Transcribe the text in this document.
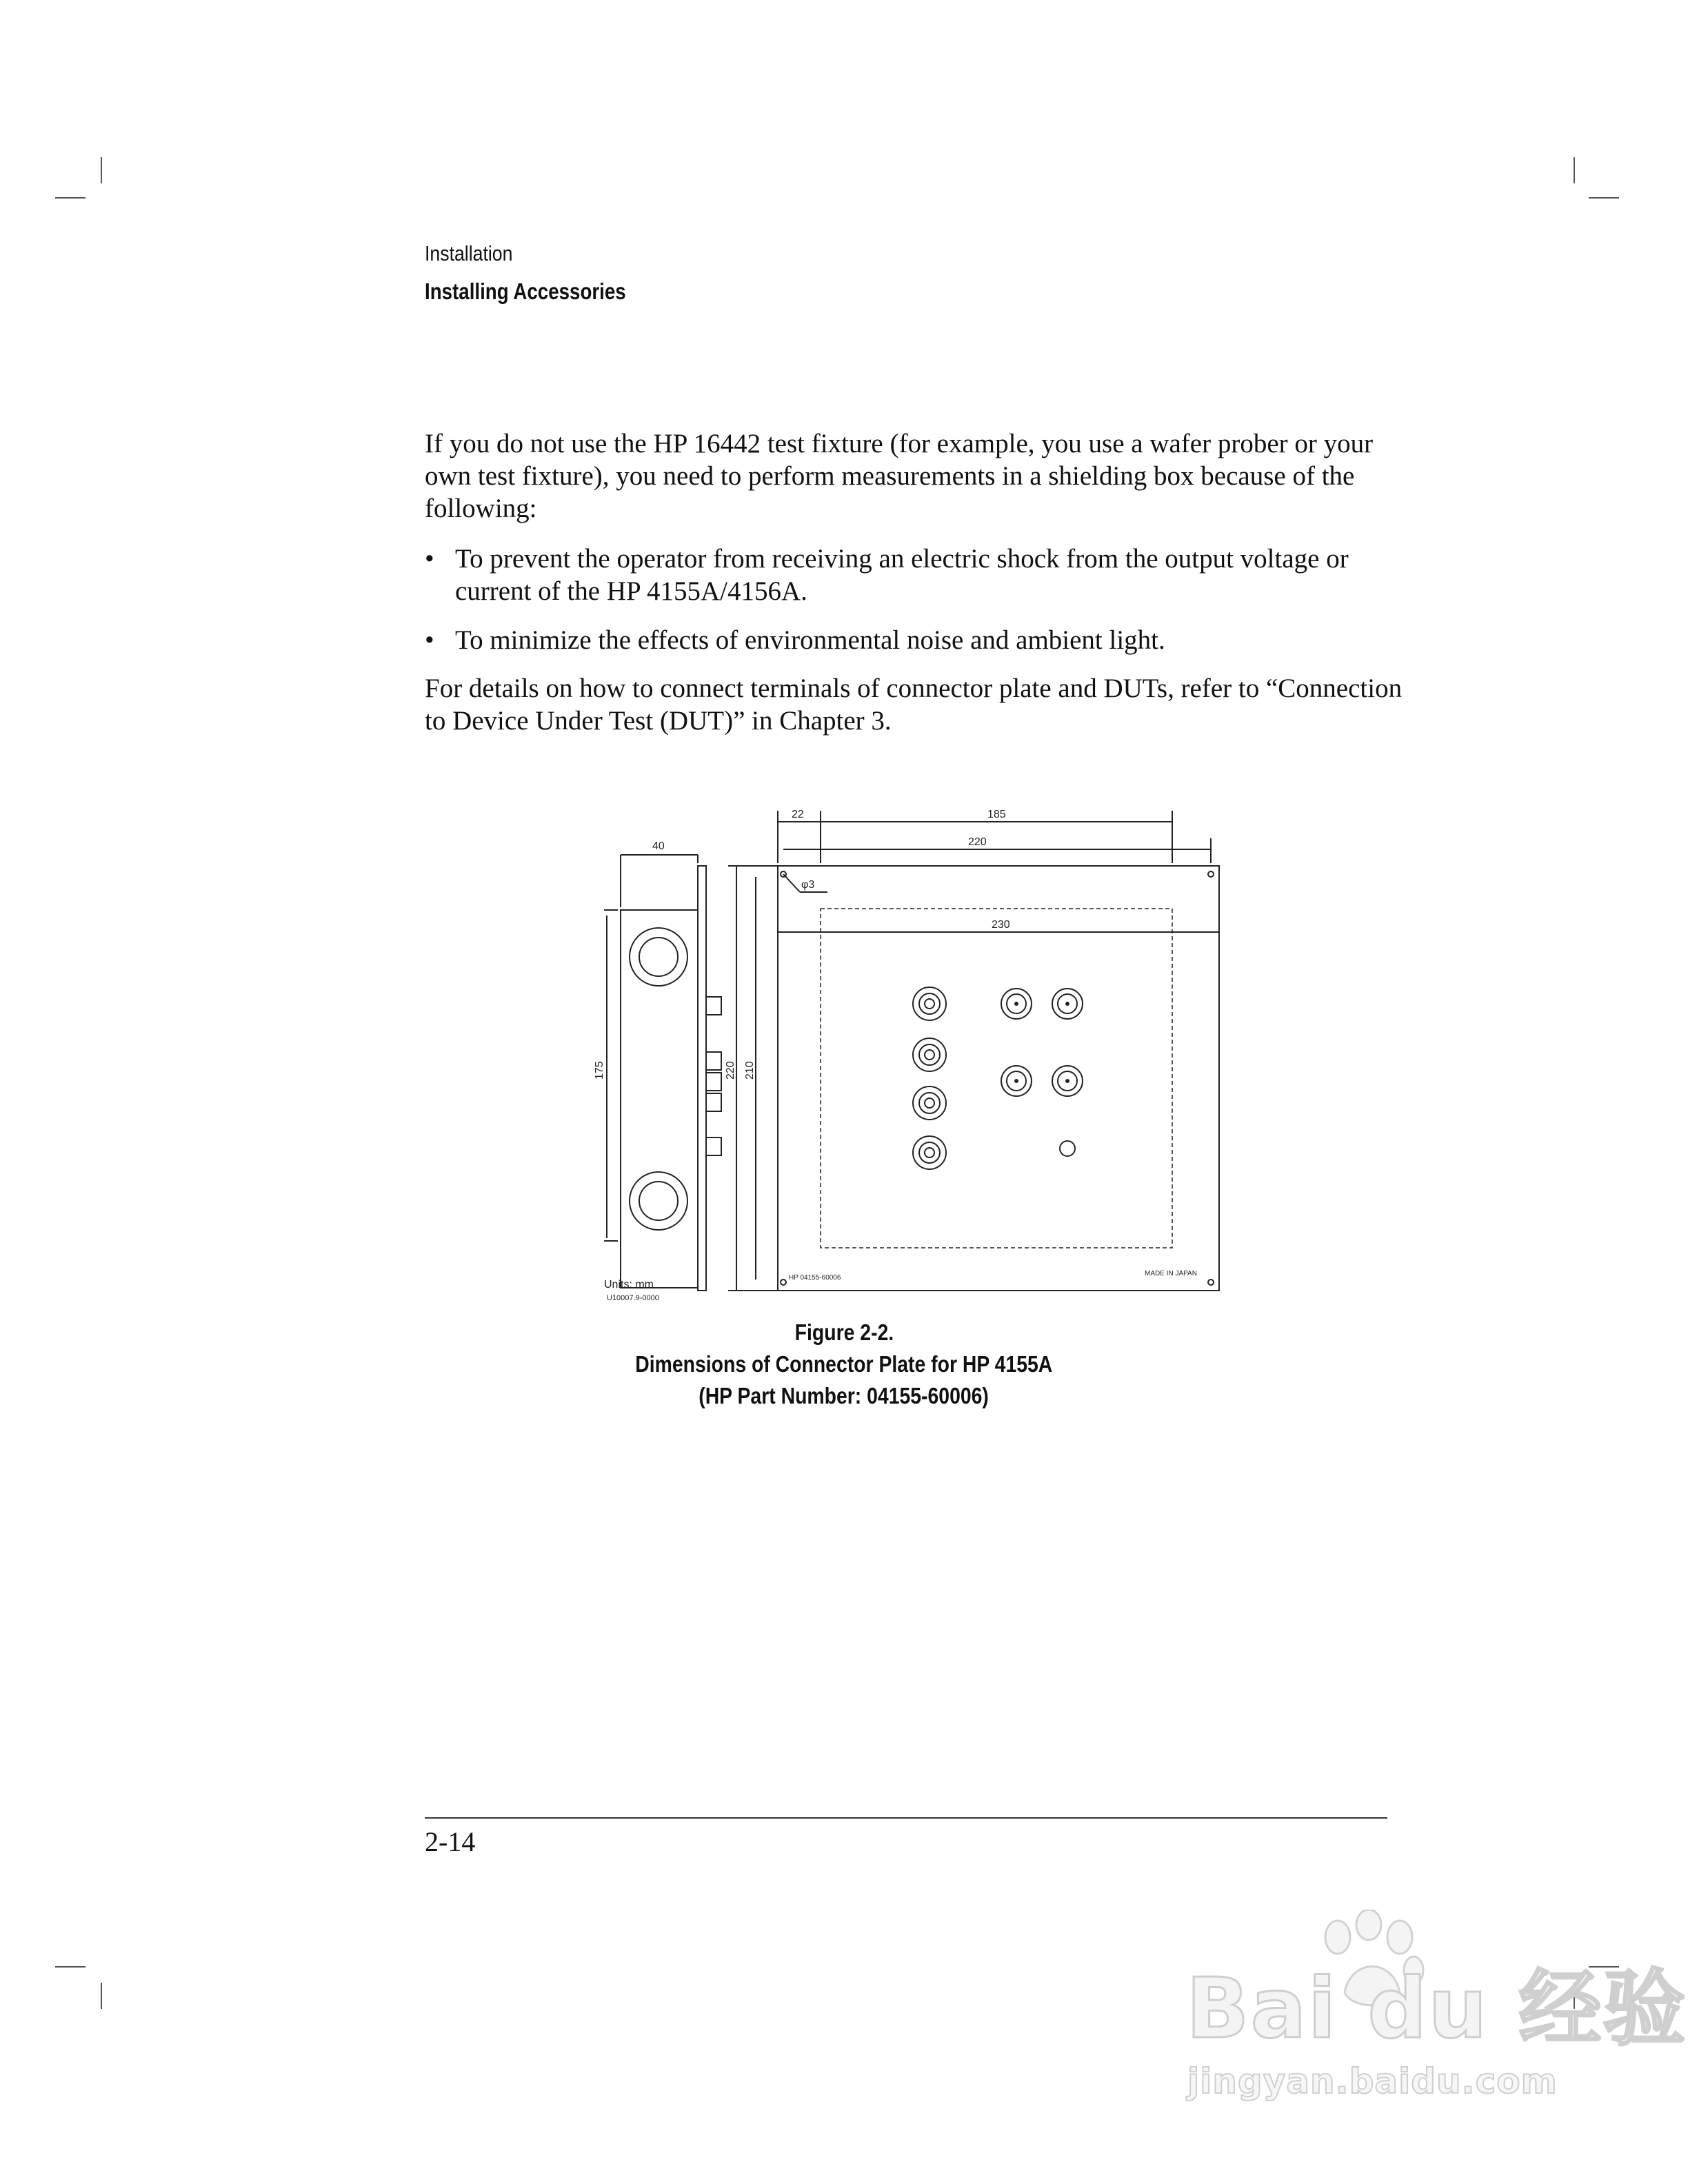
Installation
Installing Accessories
If you do not use the HP 16442 test fixture (for example, you use a wafer prober or your own test fixture), you need to perform measurements in a shielding box because of the following:
• To prevent the operator from receiving an electric shock from the output voltage or current of the HP 4155A/4156A.
• To minimize the effects of environmental noise and ambient light.
For details on how to connect terminals of connector plate and DUTs, refer to “Connection to Device Under Test (DUT)” in Chapter 3.
40
175	220 210
22	185
220
230
φ3
Units: mm
U10007.9-0000
HP 04155-60006
MADE IN JAPAN
Figure 2-2.
Dimensions of Connector Plate for HP 4155A
(HP Part Number: 04155-60006)
2-14
Bai du 经验
jingyan.baidu.com
